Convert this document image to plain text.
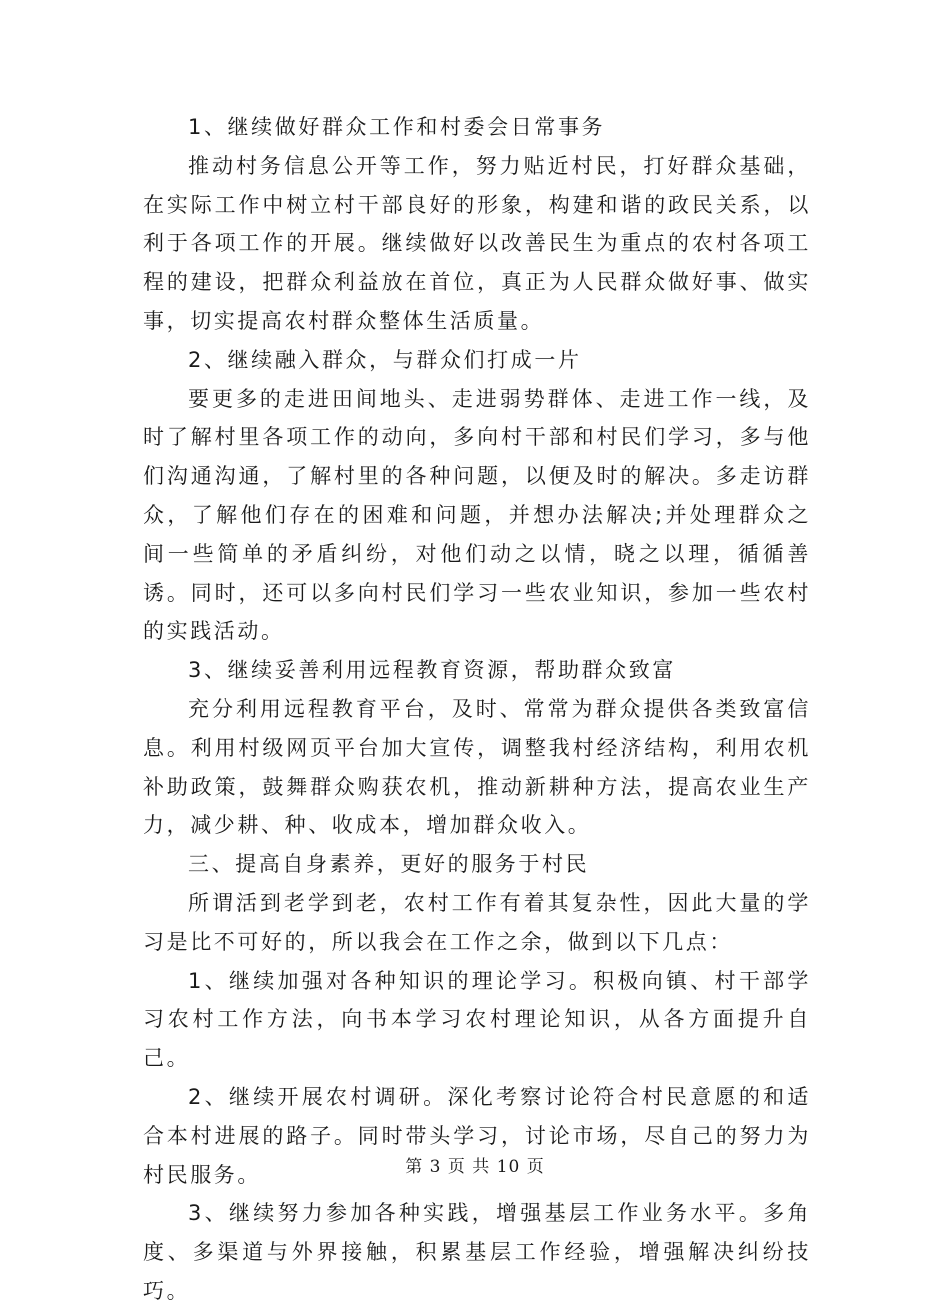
1、继续做好群众工作和村委会日常事务

推动村务信息公开等工作，努力贴近村民，打好群众基础，在实际工作中树立村干部良好的形象，构建和谐的政民关系，以利于各项工作的开展。继续做好以改善民生为重点的农村各项工程的建设，把群众利益放在首位，真正为人民群众做好事、做实事，切实提高农村群众整体生活质量。

2、继续融入群众，与群众们打成一片

要更多的走进田间地头、走进弱势群体、走进工作一线，及时了解村里各项工作的动向，多向村干部和村民们学习，多与他们沟通沟通，了解村里的各种问题，以便及时的解决。多走访群众，了解他们存在的困难和问题，并想办法解决;并处理群众之间一些简单的矛盾纠纷，对他们动之以情，晓之以理，循循善诱。同时，还可以多向村民们学习一些农业知识，参加一些农村的实践活动。

3、继续妥善利用远程教育资源，帮助群众致富

充分利用远程教育平台，及时、常常为群众提供各类致富信息。利用村级网页平台加大宣传，调整我村经济结构，利用农机补助政策，鼓舞群众购获农机，推动新耕种方法，提高农业生产力，减少耕、种、收成本，增加群众收入。

三、提高自身素养，更好的服务于村民

所谓活到老学到老，农村工作有着其复杂性，因此大量的学习是比不可好的，所以我会在工作之余，做到以下几点：

1、继续加强对各种知识的理论学习。积极向镇、村干部学习农村工作方法，向书本学习农村理论知识，从各方面提升自己。

2、继续开展农村调研。深化考察讨论符合村民意愿的和适合本村进展的路子。同时带头学习，讨论市场，尽自己的努力为村民服务。

3、继续努力参加各种实践，增强基层工作业务水平。多角度、多渠道与外界接触，积累基层工作经验，增强解决纠纷技巧。

第 3 页 共 10 页
